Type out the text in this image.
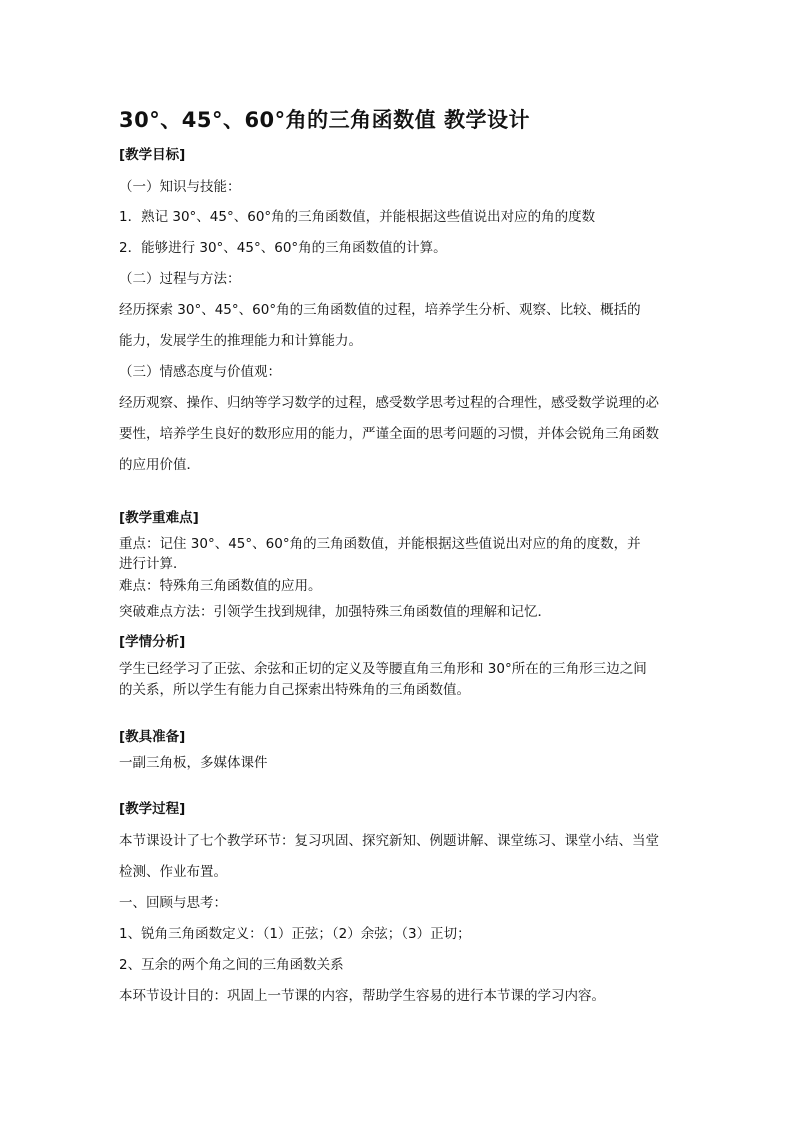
30°、45°、60°角的三角函数值 教学设计
[教学目标]
（一）知识与技能：
1．熟记 30°、45°、60°角的三角函数值，并能根据这些值说出对应的角的度数
2．能够进行 30°、45°、60°角的三角函数值的计算。
（二）过程与方法：
经历探索 30°、45°、60°角的三角函数值的过程，培养学生分析、观察、比较、概括的
能力，发展学生的推理能力和计算能力。
（三）情感态度与价值观：
经历观察、操作、归纳等学习数学的过程，感受数学思考过程的合理性，感受数学说理的必
要性，培养学生良好的数形应用的能力，严谨全面的思考问题的习惯，并体会锐角三角函数
的应用价值．
[教学重难点]
重点：记住 30°、45°、60°角的三角函数值，并能根据这些值说出对应的角的度数，并
进行计算．
难点：特殊角三角函数值的应用。
突破难点方法：引领学生找到规律，加强特殊三角函数值的理解和记忆．
[学情分析]
学生已经学习了正弦、余弦和正切的定义及等腰直角三角形和 30°所在的三角形三边之间
的关系，所以学生有能力自己探索出特殊角的三角函数值。
[教具准备]
一副三角板，多媒体课件
[教学过程]
本节课设计了七个教学环节：复习巩固、探究新知、例题讲解、课堂练习、课堂小结、当堂
检测、作业布置。
一、回顾与思考：
1、锐角三角函数定义：（1）正弦；（2）余弦；（3）正切；
2、互余的两个角之间的三角函数关系
本环节设计目的：巩固上一节课的内容，帮助学生容易的进行本节课的学习内容。
